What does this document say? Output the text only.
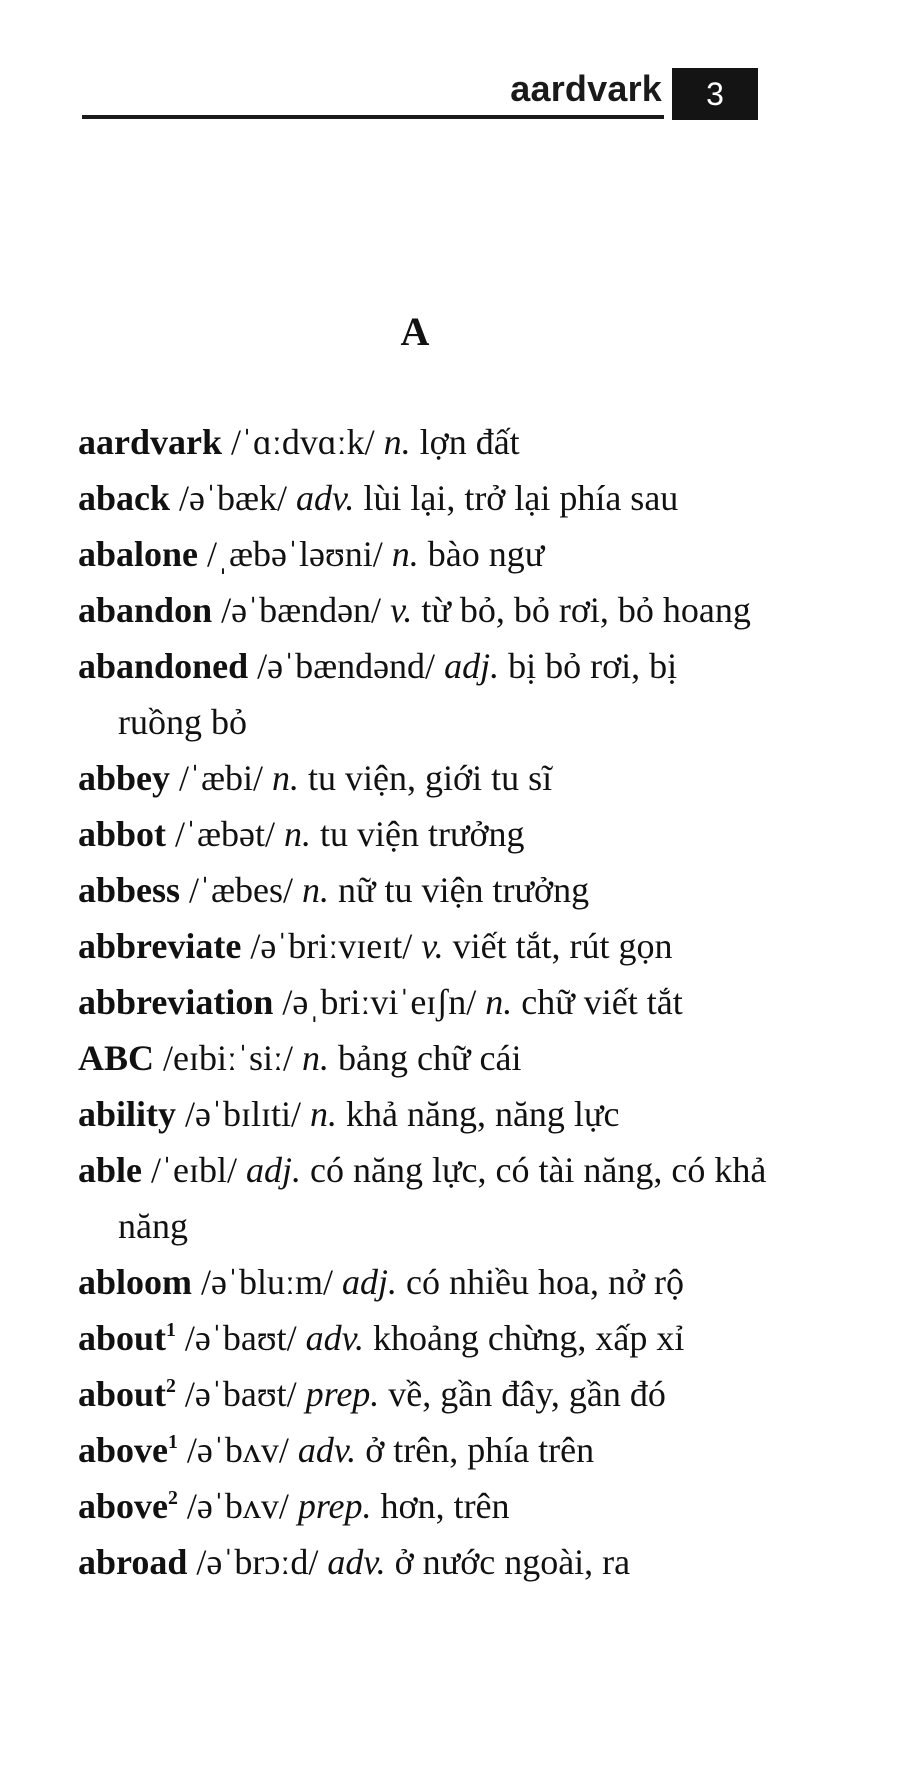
aardvark	3
A
aardvark /ˈɑːdvɑːk/ n. lợn đất
aback /əˈbæk/ adv. lùi lại, trở lại phía sau
abalone /ˌæbəˈləʊni/ n. bào ngư
abandon /əˈbændən/ v. từ bỏ, bỏ rơi, bỏ hoang
abandoned /əˈbændənd/ adj. bị bỏ rơi, bị ruồng bỏ
abbey /ˈæbi/ n. tu viện, giới tu sĩ
abbot /ˈæbət/ n. tu viện trưởng
abbess /ˈæbes/ n. nữ tu viện trưởng
abbreviate /əˈbriːvɪeɪt/ v. viết tắt, rút gọn
abbreviation /əˌbriːviˈeɪʃn/ n. chữ viết tắt
ABC /eɪbiːˈsiː/ n. bảng chữ cái
ability /əˈbɪlɪti/ n. khả năng, năng lực
able /ˈeɪbl/ adj. có năng lực, có tài năng, có khả năng
abloom /əˈbluːm/ adj. có nhiều hoa, nở rộ
about$^1$ /əˈbaʊt/ adv. khoảng chừng, xấp xỉ
about$^2$ /əˈbaʊt/ prep. về, gần đây, gần đó
above$^1$ /əˈbʌv/ adv. ở trên, phía trên
above$^2$ /əˈbʌv/ prep. hơn, trên
abroad /əˈbrɔːd/ adv. ở nước ngoài, ra
